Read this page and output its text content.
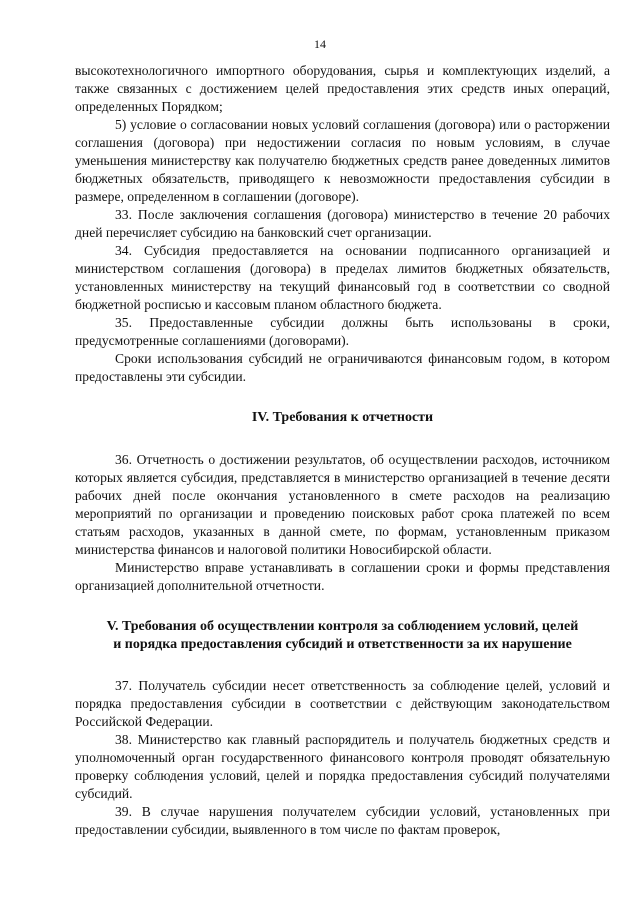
14

высокотехнологичного импортного оборудования, сырья и комплектующих изделий, а также связанных с достижением целей предоставления этих средств иных операций, определенных Порядком;

5) условие о согласовании новых условий соглашения (договора) или о расторжении соглашения (договора) при недостижении согласия по новым условиям, в случае уменьшения министерству как получателю бюджетных средств ранее доведенных лимитов бюджетных обязательств, приводящего к невозможности предоставления субсидии в размере, определенном в соглашении (договоре).

33. После заключения соглашения (договора) министерство в течение 20 рабочих дней перечисляет субсидию на банковский счет организации.

34. Субсидия предоставляется на основании подписанного организацией и министерством соглашения (договора) в пределах лимитов бюджетных обязательств, установленных министерству на текущий финансовый год в соответствии со сводной бюджетной росписью и кассовым планом областного бюджета.

35. Предоставленные субсидии должны быть использованы в сроки, предусмотренные соглашениями (договорами).

Сроки использования субсидий не ограничиваются финансовым годом, в котором предоставлены эти субсидии.

IV. Требования к отчетности

36. Отчетность о достижении результатов, об осуществлении расходов, источником которых является субсидия, представляется в министерство организацией в течение десяти рабочих дней после окончания установленного в смете расходов на реализацию мероприятий по организации и проведению поисковых работ срока платежей по всем статьям расходов, указанных в данной смете, по формам, установленным приказом министерства финансов и налоговой политики Новосибирской области.

Министерство вправе устанавливать в соглашении сроки и формы представления организацией дополнительной отчетности.

V. Требования об осуществлении контроля за соблюдением условий, целей
и порядка предоставления субсидий и ответственности за их нарушение

37. Получатель субсидии несет ответственность за соблюдение целей, условий и порядка предоставления субсидии в соответствии с действующим законодательством Российской Федерации.

38. Министерство как главный распорядитель и получатель бюджетных средств и уполномоченный орган государственного финансового контроля проводят обязательную проверку соблюдения условий, целей и порядка предоставления субсидий получателями субсидий.

39. В случае нарушения получателем субсидии условий, установленных при предоставлении субсидии, выявленного в том числе по фактам проверок,
